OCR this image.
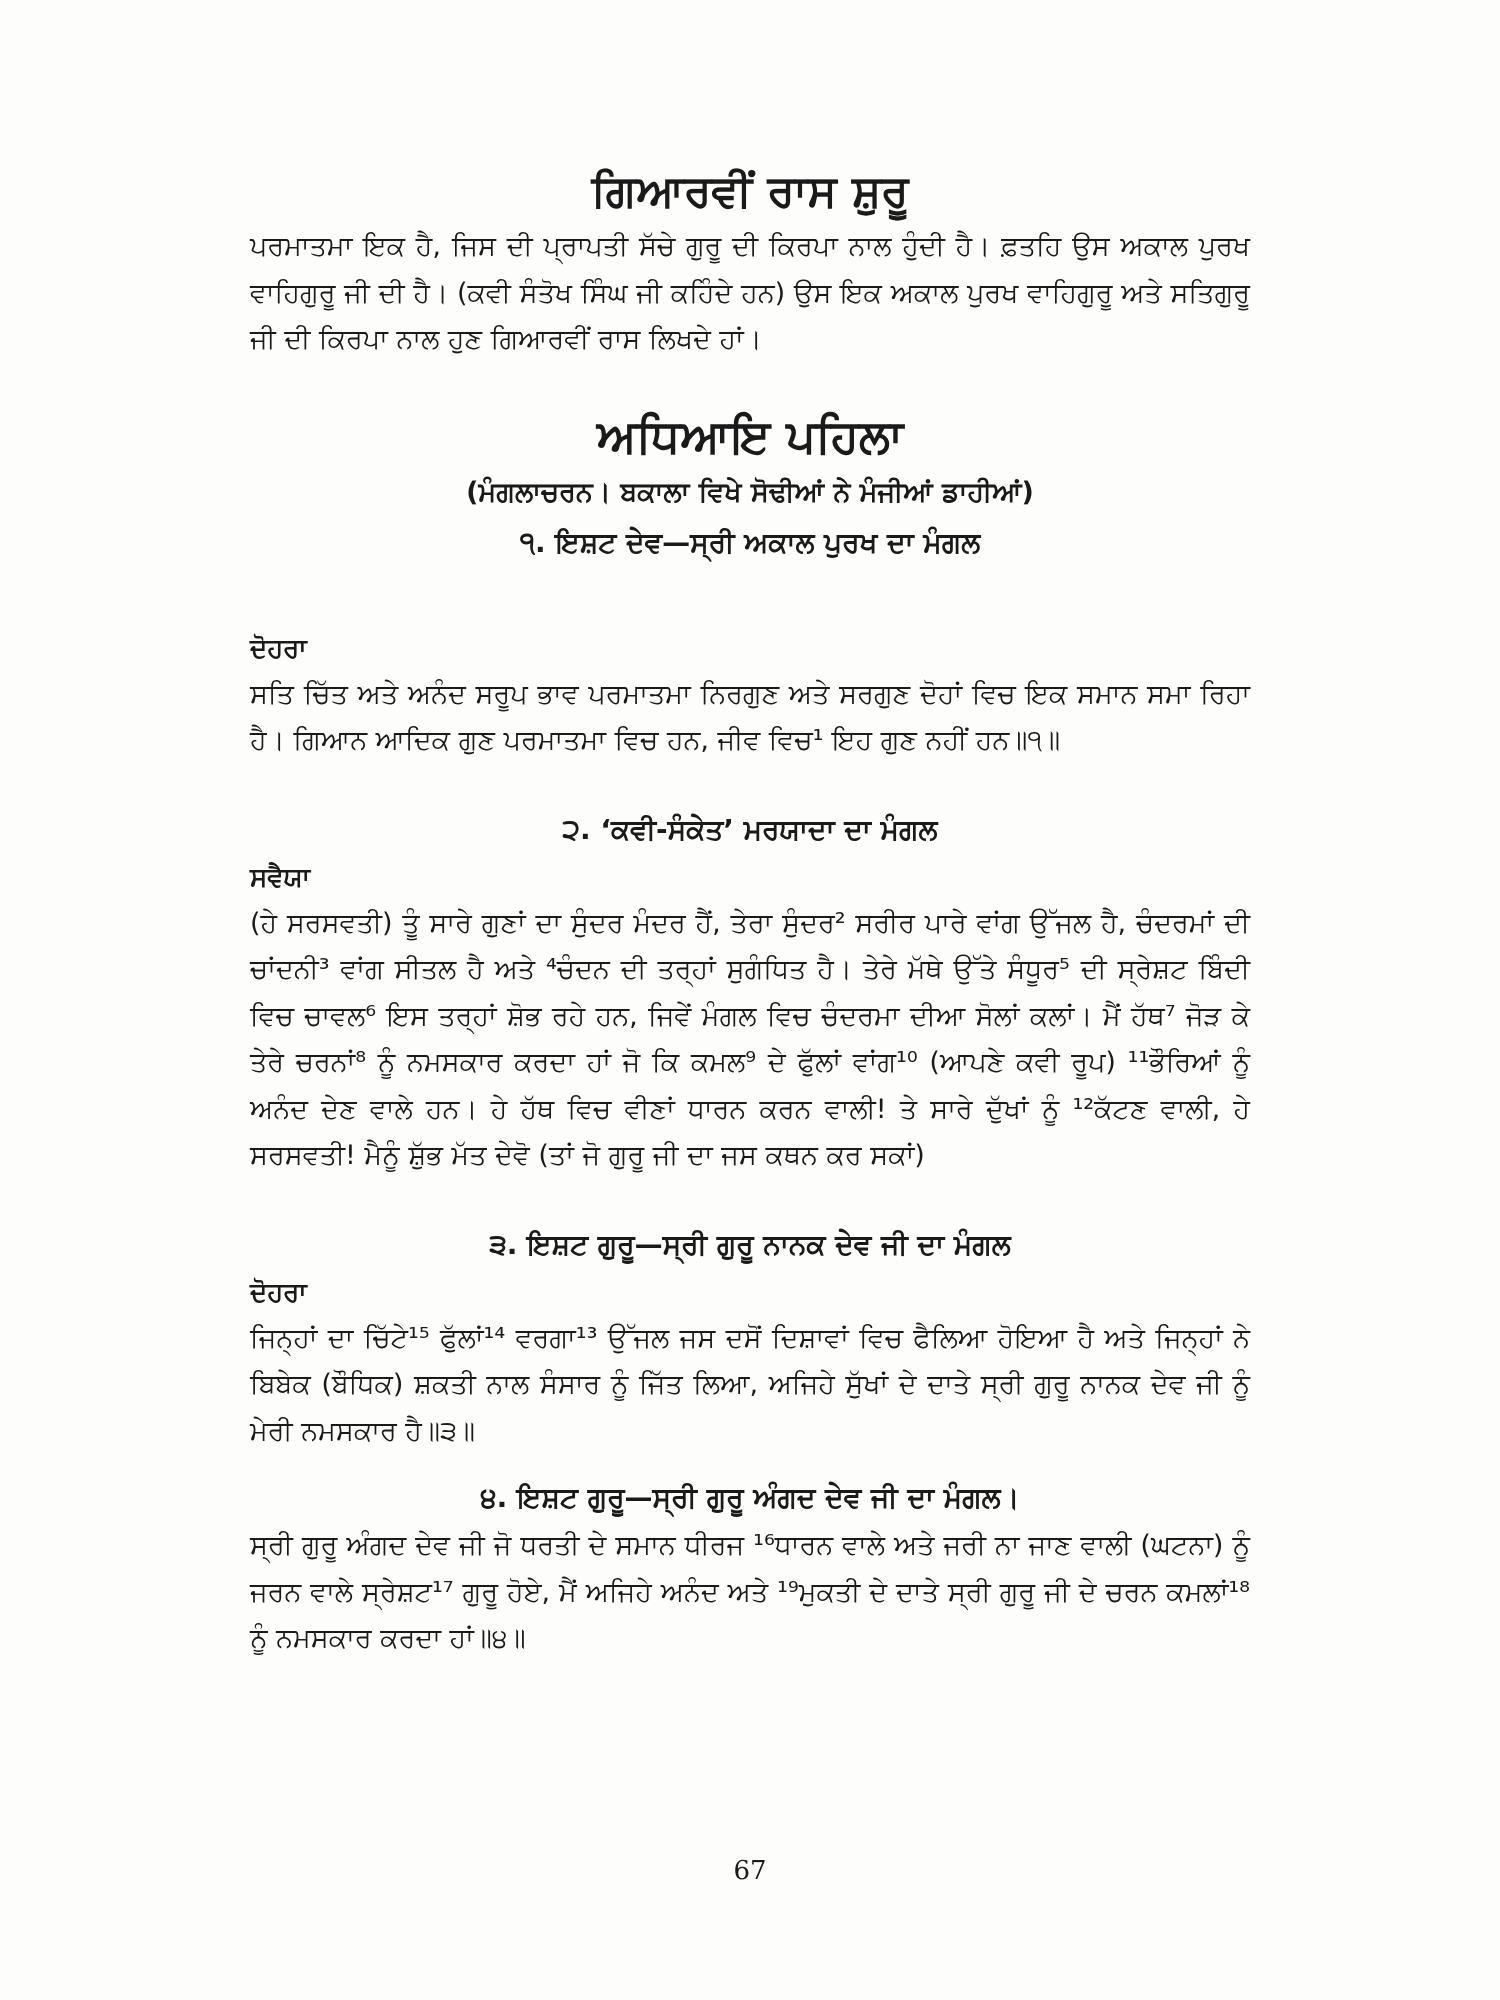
ਗਿਆਰਵੀਂ ਰਾਸ ਸ਼ੁਰੂ

ਪਰਮਾਤਮਾ ਇਕ ਹੈ, ਜਿਸ ਦੀ ਪ੍ਰਾਪਤੀ ਸੱਚੇ ਗੁਰੂ ਦੀ ਕਿਰਪਾ ਨਾਲ ਹੁੰਦੀ ਹੈ। ਫ਼ਤਹਿ ਉਸ ਅਕਾਲ ਪੁਰਖ ਵਾਹਿਗੁਰੂ ਜੀ ਦੀ ਹੈ। (ਕਵੀ ਸੰਤੋਖ ਸਿੰਘ ਜੀ ਕਹਿੰਦੇ ਹਨ) ਉਸ ਇਕ ਅਕਾਲ ਪੁਰਖ ਵਾਹਿਗੁਰੂ ਅਤੇ ਸਤਿਗੁਰੂ ਜੀ ਦੀ ਕਿਰਪਾ ਨਾਲ ਹੁਣ ਗਿਆਰਵੀਂ ਰਾਸ ਲਿਖਦੇ ਹਾਂ।

ਅਧਿਆਇ ਪਹਿਲਾ

(ਮੰਗਲਾਚਰਨ। ਬਕਾਲਾ ਵਿਖੇ ਸੋਢੀਆਂ ਨੇ ਮੰਜੀਆਂ ਡਾਹੀਆਂ)

੧. ਇਸ਼ਟ ਦੇਵ—ਸ੍ਰੀ ਅਕਾਲ ਪੁਰਖ ਦਾ ਮੰਗਲ

ਦੋਹਰਾ

ਸਤਿ ਚਿੱਤ ਅਤੇ ਅਨੰਦ ਸਰੂਪ ਭਾਵ ਪਰਮਾਤਮਾ ਨਿਰਗੁਣ ਅਤੇ ਸਰਗੁਣ ਦੋਹਾਂ ਵਿਚ ਇਕ ਸਮਾਨ ਸਮਾ ਰਿਹਾ ਹੈ। ਗਿਆਨ ਆਦਿਕ ਗੁਣ ਪਰਮਾਤਮਾ ਵਿਚ ਹਨ, ਜੀਵ ਵਿਚ¹ ਇਹ ਗੁਣ ਨਹੀਂ ਹਨ॥੧॥

੨. ‘ਕਵੀ-ਸੰਕੇਤ’ ਮਰਯਾਦਾ ਦਾ ਮੰਗਲ

ਸਵੈਯਾ

(ਹੇ ਸਰਸਵਤੀ) ਤੂੰ ਸਾਰੇ ਗੁਣਾਂ ਦਾ ਸੁੰਦਰ ਮੰਦਰ ਹੈਂ, ਤੇਰਾ ਸੁੰਦਰ² ਸਰੀਰ ਪਾਰੇ ਵਾਂਗ ਉੱਜਲ ਹੈ, ਚੰਦਰਮਾਂ ਦੀ ਚਾਂਦਨੀ³ ਵਾਂਗ ਸੀਤਲ ਹੈ ਅਤੇ ⁴ਚੰਦਨ ਦੀ ਤਰ੍ਹਾਂ ਸੁਗੰਧਿਤ ਹੈ। ਤੇਰੇ ਮੱਥੇ ਉੱਤੇ ਸੰਧੂਰ⁵ ਦੀ ਸ੍ਰੇਸ਼ਟ ਬਿੰਦੀ ਵਿਚ ਚਾਵਲ⁶ ਇਸ ਤਰ੍ਹਾਂ ਸ਼ੋਭ ਰਹੇ ਹਨ, ਜਿਵੇਂ ਮੰਗਲ ਵਿਚ ਚੰਦਰਮਾ ਦੀਆ ਸੋਲਾਂ ਕਲਾਂ। ਮੈਂ ਹੱਥ⁷ ਜੋੜ ਕੇ ਤੇਰੇ ਚਰਨਾਂ⁸ ਨੂੰ ਨਮਸਕਾਰ ਕਰਦਾ ਹਾਂ ਜੋ ਕਿ ਕਮਲ⁹ ਦੇ ਫੁੱਲਾਂ ਵਾਂਗ¹⁰ (ਆਪਣੇ ਕਵੀ ਰੂਪ) ¹¹ਭੌਰਿਆਂ ਨੂੰ ਅਨੰਦ ਦੇਣ ਵਾਲੇ ਹਨ। ਹੇ ਹੱਥ ਵਿਚ ਵੀਣਾਂ ਧਾਰਨ ਕਰਨ ਵਾਲੀ! ਤੇ ਸਾਰੇ ਦੁੱਖਾਂ ਨੂੰ ¹²ਕੱਟਣ ਵਾਲੀ, ਹੇ ਸਰਸਵਤੀ! ਮੈਨੂੰ ਸ਼ੁੱਭ ਮੱਤ ਦੇਵੋ (ਤਾਂ ਜੋ ਗੁਰੂ ਜੀ ਦਾ ਜਸ ਕਥਨ ਕਰ ਸਕਾਂ)

੩. ਇਸ਼ਟ ਗੁਰੂ—ਸ੍ਰੀ ਗੁਰੂ ਨਾਨਕ ਦੇਵ ਜੀ ਦਾ ਮੰਗਲ

ਦੋਹਰਾ

ਜਿਨ੍ਹਾਂ ਦਾ ਚਿੱਟੇ¹⁵ ਫੁੱਲਾਂ¹⁴ ਵਰਗਾ¹³ ਉੱਜਲ ਜਸ ਦਸੋਂ ਦਿਸ਼ਾਵਾਂ ਵਿਚ ਫੈਲਿਆ ਹੋਇਆ ਹੈ ਅਤੇ ਜਿਨ੍ਹਾਂ ਨੇ ਬਿਬੇਕ (ਬੌਧਿਕ) ਸ਼ਕਤੀ ਨਾਲ ਸੰਸਾਰ ਨੂੰ ਜਿੱਤ ਲਿਆ, ਅਜਿਹੇ ਸੁੱਖਾਂ ਦੇ ਦਾਤੇ ਸ੍ਰੀ ਗੁਰੂ ਨਾਨਕ ਦੇਵ ਜੀ ਨੂੰ ਮੇਰੀ ਨਮਸਕਾਰ ਹੈ॥੩॥

੪. ਇਸ਼ਟ ਗੁਰੂ—ਸ੍ਰੀ ਗੁਰੂ ਅੰਗਦ ਦੇਵ ਜੀ ਦਾ ਮੰਗਲ।

ਸ੍ਰੀ ਗੁਰੂ ਅੰਗਦ ਦੇਵ ਜੀ ਜੋ ਧਰਤੀ ਦੇ ਸਮਾਨ ਧੀਰਜ ¹⁶ਧਾਰਨ ਵਾਲੇ ਅਤੇ ਜਰੀ ਨਾ ਜਾਣ ਵਾਲੀ (ਘਟਨਾ) ਨੂੰ ਜਰਨ ਵਾਲੇ ਸ੍ਰੇਸ਼ਟ¹⁷ ਗੁਰੂ ਹੋਏ, ਮੈਂ ਅਜਿਹੇ ਅਨੰਦ ਅਤੇ ¹⁹ਮੁਕਤੀ ਦੇ ਦਾਤੇ ਸ੍ਰੀ ਗੁਰੂ ਜੀ ਦੇ ਚਰਨ ਕਮਲਾਂ¹⁸ ਨੂੰ ਨਮਸਕਾਰ ਕਰਦਾ ਹਾਂ॥੪॥

67
